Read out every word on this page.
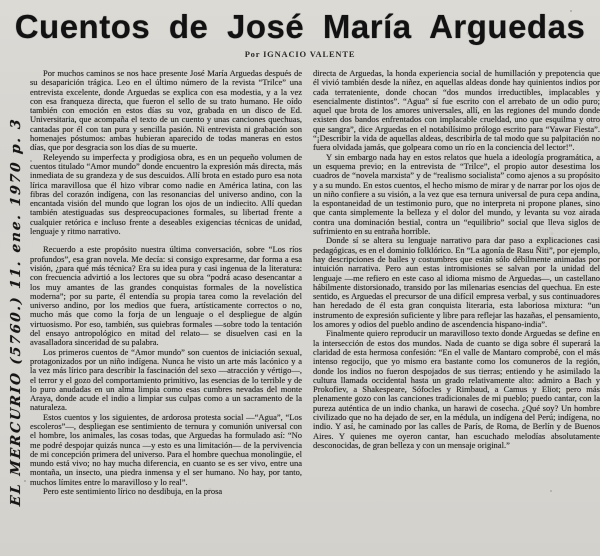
EL MERCURIO (5760.) 11. ene. 1970 p. 3
Cuentos de José María Arguedas
Por IGNACIO VALENTE

Por muchos caminos se nos hace presente José María Arguedas después de su desaparición trágica. Leo en el último número de la revista “Trilce” una entrevista excelente, donde Arguedas se explica con esa modestia, y a la vez con esa franqueza directa, que fueron el sello de su trato humano. He oído también con emoción en estos días su voz, grabada en un disco de Ed. Universitaria, que acompaña el texto de un cuento y unas canciones quechuas, cantadas por él con tan pura y sencilla pasión. Ni entrevista ni grabación son homenajes póstumos: ambas hubieran aparecido de todas maneras en estos días, que por desgracia son los días de su muerte.

Releyendo su imperfecta y prodigiosa obra, es en un pequeño volumen de cuentos titulado “Amor mundo” donde encuentro la expresión más directa, más inmediata de su grandeza y de sus descuidos. Allí brota en estado puro esa nota lírica maravillosa que él hizo vibrar como nadie en América latina, con las fibras del corazón indígena, con las resonancias del universo andino, con la encantada visión del mundo que logran los ojos de un indiecito. Allí quedan también atestiguadas sus despreocupaciones formales, su libertad frente a cualquier retórica e incluso frente a deseables exigencias técnicas de unidad, lenguaje y ritmo narrativo.

Recuerdo a este propósito nuestra última conversación, sobre “Los ríos profundos”, esa gran novela. Me decía: si consigo expresarme, dar forma a esa visión, ¿para qué más técnica? Era su idea pura y casi ingenua de la literatura: con frecuencia advirtió a los lectores que su obra “podrá acaso desencantar a los muy amantes de las grandes conquistas formales de la novelística moderna”; por su parte, él entendía su propia tarea como la revelación del universo andino, por los medios que fuera, artísticamente correctos o no, mucho más que como la forja de un lenguaje o el despliegue de algún virtuosismo. Por eso, también, sus quiebras formales —sobre todo la tentación del ensayo antropológico en mitad del relato— se disuelven casi en la avasalladora sinceridad de su palabra.

Los primeros cuentos de “Amor mundo” son cuentos de iniciación sexual, protagonizados por un niño indígena. Nunca he visto un arte más lacónico y a la vez más lírico para describir la fascinación del sexo —atracción y vértigo—, el terror y el gozo del comportamiento primitivo, las esencias de lo terrible y de lo puro anudadas en un alma limpia como esas cumbres nevadas del monte Araya, donde acude el indio a limpiar sus culpas como a un sacramento de la naturaleza.

Estos cuentos y los siguientes, de ardorosa protesta social —“Agua”, “Los escoleros”—, despliegan ese sentimiento de ternura y comunión universal con el hombre, los animales, las cosas todas, que Arguedas ha formulado así: “No me podré despojar quizás nunca —y esto es una limitación— de la pervivencia de mi concepción primera del universo. Para el hombre quechua monolingüe, el mundo está vivo; no hay mucha diferencia, en cuanto se es ser vivo, entre una montaña, un insecto, una piedra inmensa y el ser humano. No hay, por tanto, muchos límites entre lo maravilloso y lo real”.

Pero este sentimiento lírico no desdibuja, en la prosa

directa de Arguedas, la honda experiencia social de humillación y prepotencia que él vivió también desde la niñez, en aquellas aldeas donde hay quinientos indios por cada terrateniente, donde chocan “dos mundos irreductibles, implacables y esencialmente distintos”. “Agua” sí fue escrito con el arrebato de un odio puro; aquel que brota de los amores universales, allí, en las regiones del mundo donde existen dos bandos enfrentados con implacable crueldad, uno que esquilma y otro que sangra”, dice Arguedas en el notabilísimo prólogo escrito para “Yawar Fiesta”. “¡Describir la vida de aquellas aldeas, describirla de tal modo que su palpitación no fuera olvidada jamás, que golpeara como un río en la conciencia del lector!”.

Y sin embargo nada hay en estos relatos que huela a ideología programática, a un esquema previo; en la entrevista de “Trilce”, el propio autor desestima los cuadros de “novela marxista” y de “realismo socialista” como ajenos a su propósito y a su mundo. En estos cuentos, el hecho mismo de mirar y de narrar por los ojos de un niño confiere a su visión, a la vez que esa ternura universal de pura cepa andina, la espontaneidad de un testimonio puro, que no interpreta ni propone planes, sino que canta simplemente la belleza y el dolor del mundo, y levanta su voz airada contra una dominación bestial, contra un “equilibrio” social que lleva siglos de sufrimiento en su entraña horrible.

Donde sí se altera su lenguaje narrativo para dar paso a explicaciones casi pedagógicas, es en el dominio folklórico. En “La agonía de Rasu Ñiti”, por ejemplo, hay descripciones de bailes y costumbres que están sólo débilmente animadas por intuición narrativa. Pero aun estas intromisiones se salvan por la unidad del lenguaje —me refiero en este caso al idioma mismo de Arguedas—, un castellano hábilmente distorsionado, transido por las milenarias esencias del quechua. En este sentido, es Arguedas el precursor de una difícil empresa verbal, y sus continuadores han heredado de él esta gran conquista literaria, esta laboriosa mixtura: “un instrumento de expresión suficiente y libre para reflejar las hazañas, el pensamiento, los amores y odios del pueblo andino de ascendencia hispano-india”.

Finalmente quiero reproducir un maravilloso texto donde Arguedas se define en la intersección de estos dos mundos. Nada de cuanto se diga sobre él superará la claridad de esta hermosa confesión: “En el valle de Mantaro comprobé, con el más intenso regocijo, que yo mismo era bastante como los comuneros de la región, donde los indios no fueron despojados de sus tierras; entiendo y he asimilado la cultura llamada occidental hasta un grado relativamente alto: admiro a Bach y Prokofiev, a Shakespeare, Sófocles y Rimbaud, a Camus y Eliot; pero más plenamente gozo con las canciones tradicionales de mi pueblo; puedo cantar, con la pureza auténtica de un indio chanka, un harawi de cosecha. ¿Qué soy? Un hombre civilizado que no ha dejado de ser, en la médula, un indígena del Perú; indígena, no indio. Y así, he caminado por las calles de París, de Roma, de Berlín y de Buenos Aires. Y quienes me oyeron cantar, han escuchado melodías absolutamente desconocidas, de gran belleza y con un mensaje original.”
